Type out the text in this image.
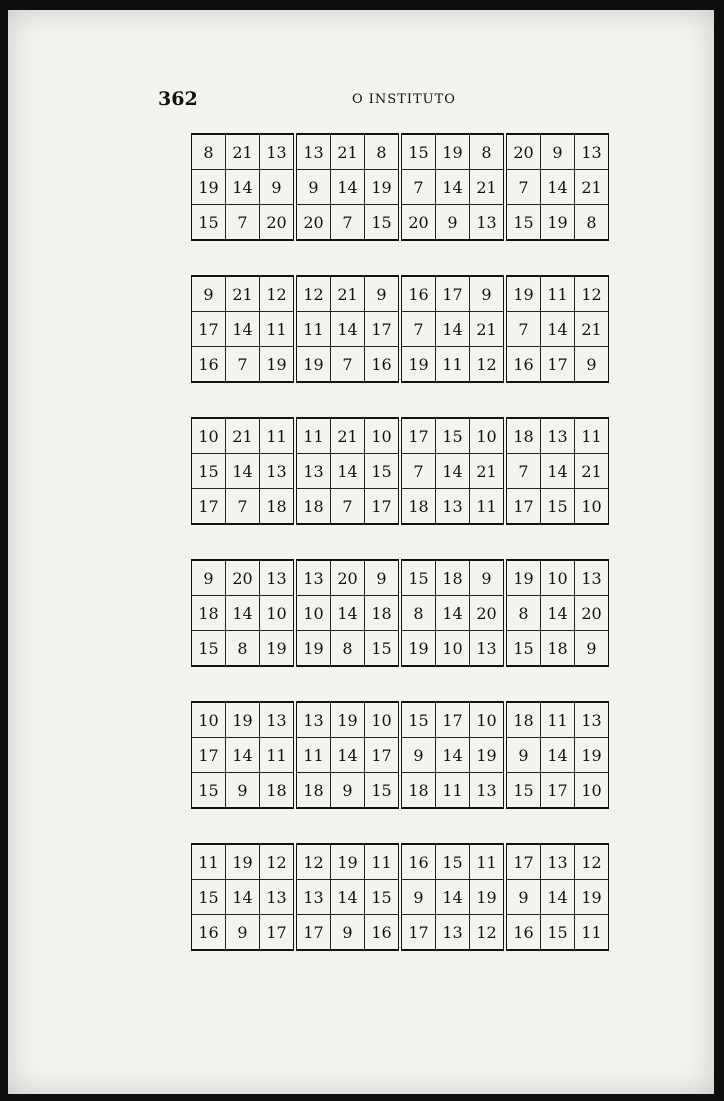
362	O INSTITUTO
8	21	13	13	21	8	15	19	8	20	9	13
19	14	9	9	14	19	7	14	21	7	14	21
15	7	20	20	7	15	20	9	13	15	19	8
9	21	12	12	21	9	16	17	9	19	11	12
17	14	11	11	14	17	7	14	21	7	14	21
16	7	19	19	7	16	19	11	12	16	17	9
10	21	11	11	21	10	17	15	10	18	13	11
15	14	13	13	14	15	7	14	21	7	14	21
17	7	18	18	7	17	18	13	11	17	15	10
9	20	13	13	20	9	15	18	9	19	10	13
18	14	10	10	14	18	8	14	20	8	14	20
15	8	19	19	8	15	19	10	13	15	18	9
10	19	13	13	19	10	15	17	10	18	11	13
17	14	11	11	14	17	9	14	19	9	14	19
15	9	18	18	9	15	18	11	13	15	17	10
11	19	12	12	19	11	16	15	11	17	13	12
15	14	13	13	14	15	9	14	19	9	14	19
16	9	17	17	9	16	17	13	12	16	15	11
